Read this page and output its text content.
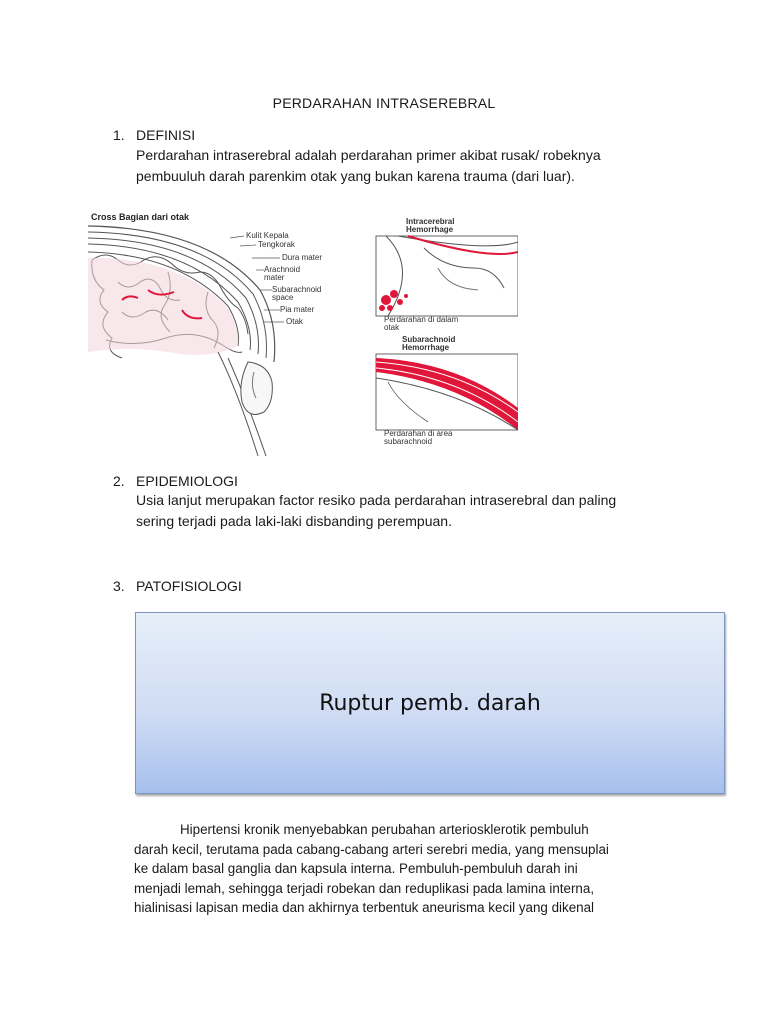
PERDARAHAN INTRASEREBRAL
1. DEFINISI
Perdarahan intraserebral adalah perdarahan primer akibat rusak/ robeknya
pembuuluh darah parenkim otak yang bukan karena trauma (dari luar).
Cross Bagian dari otak
Kulit Kepala
Tengkorak
Dura mater
Arachnoid
mater
Subarachnoid
space
Pia mater
Otak
Intracerebral
Hemorrhage
Perdarahan di dalam
otak
Subarachnoid
Hemorrhage
Perdarahan di area
subarachnoid
2. EPIDEMIOLOGI
Usia lanjut merupakan factor resiko pada perdarahan intraserebral dan paling
sering terjadi pada laki-laki disbanding perempuan.
3. PATOFISIOLOGI
Ruptur pemb. darah
Hipertensi kronik menyebabkan perubahan arteriosklerotik pembuluh
darah kecil, terutama pada cabang-cabang arteri serebri media, yang mensuplai
ke dalam basal ganglia dan kapsula interna. Pembuluh-pembuluh darah ini
menjadi lemah, sehingga terjadi robekan dan reduplikasi pada lamina interna,
hialinisasi lapisan media dan akhirnya terbentuk aneurisma kecil yang dikenal
